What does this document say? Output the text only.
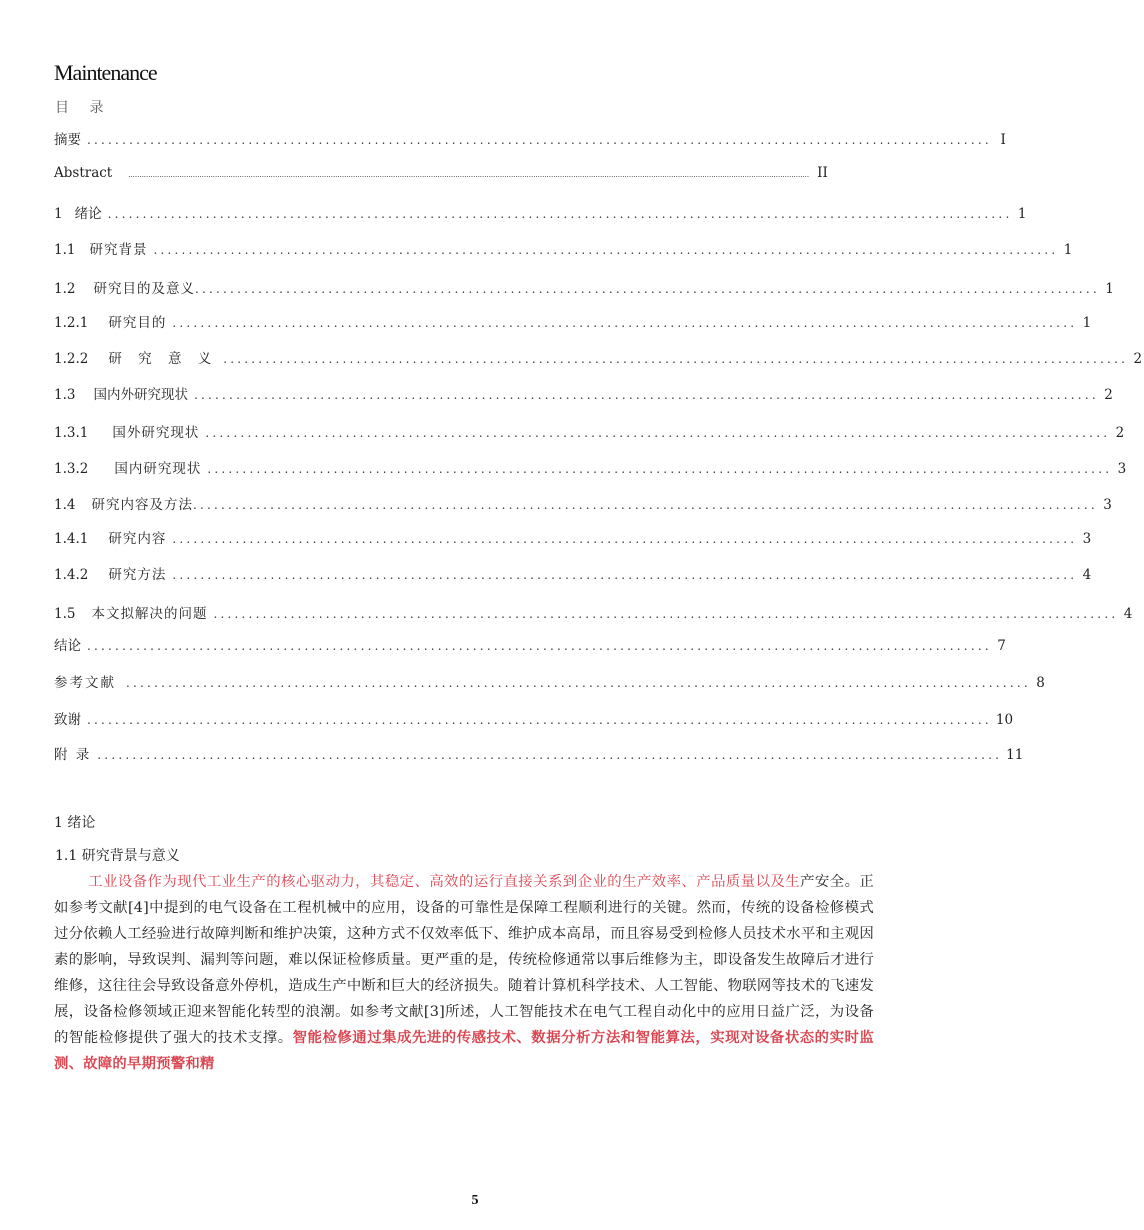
Maintenance
目 录
摘要 ................................................................................................................................. I
Abstract	.................................................................................................................................................................................................................................................................................................................. II
1 绪论 ................................................................................................................................. 1
1.1 研究背景 ................................................................................................................................. 1
1.2 研究目的及意义 ................................................................................................................................. 1
1.2.1 研究目的 ................................................................................................................................. 1
1.2.2 研 究 意 义 ................................................................................................................................. 2
1.3 国内外研究现状 ................................................................................................................................. 2
1.3.1 国外研究现状 ................................................................................................................................. 2
1.3.2 国内研究现状 ................................................................................................................................. 3
1.4 研究内容及方法 ................................................................................................................................. 3
1.4.1 研究内容 ................................................................................................................................. 3
1.4.2 研究方法 ................................................................................................................................. 4
1.5 本文拟解决的问题 ................................................................................................................................. 4
结论 ................................................................................................................................. 7
参考文献 ................................................................................................................................. 8
致谢 ................................................................................................................................. 10
附 录 ................................................................................................................................. 11
1 绪论
1.1 研究背景与意义
工业设备作为现代工业生产的核心驱动力，其稳定、高效的运行直接关系到企业的生产效率、产品质量以及生产安全。正如参考文献[4]中提到的电气设备在工程机械中的应用，设备的可靠性是保障工程顺利进行的关键。然而，传统的设备检修模式过分依赖人工经验进行故障判断和维护决策，这种方式不仅效率低下、维护成本高昂，而且容易受到检修人员技术水平和主观因素的影响，导致误判、漏判等问题，难以保证检修质量。更严重的是，传统检修通常以事后维修为主，即设备发生故障后才进行维修，这往往会导致设备意外停机，造成生产中断和巨大的经济损失。随着计算机科学技术、人工智能、物联网等技术的飞速发展，设备检修领域正迎来智能化转型的浪潮。如参考文献[3]所述，人工智能技术在电气工程自动化中的应用日益广泛，为设备的智能检修提供了强大的技术支撑。智能检修通过集成先进的传感技术、数据分析方法和智能算法，实现对设备状态的实时监测、故障的早期预警和精
5
